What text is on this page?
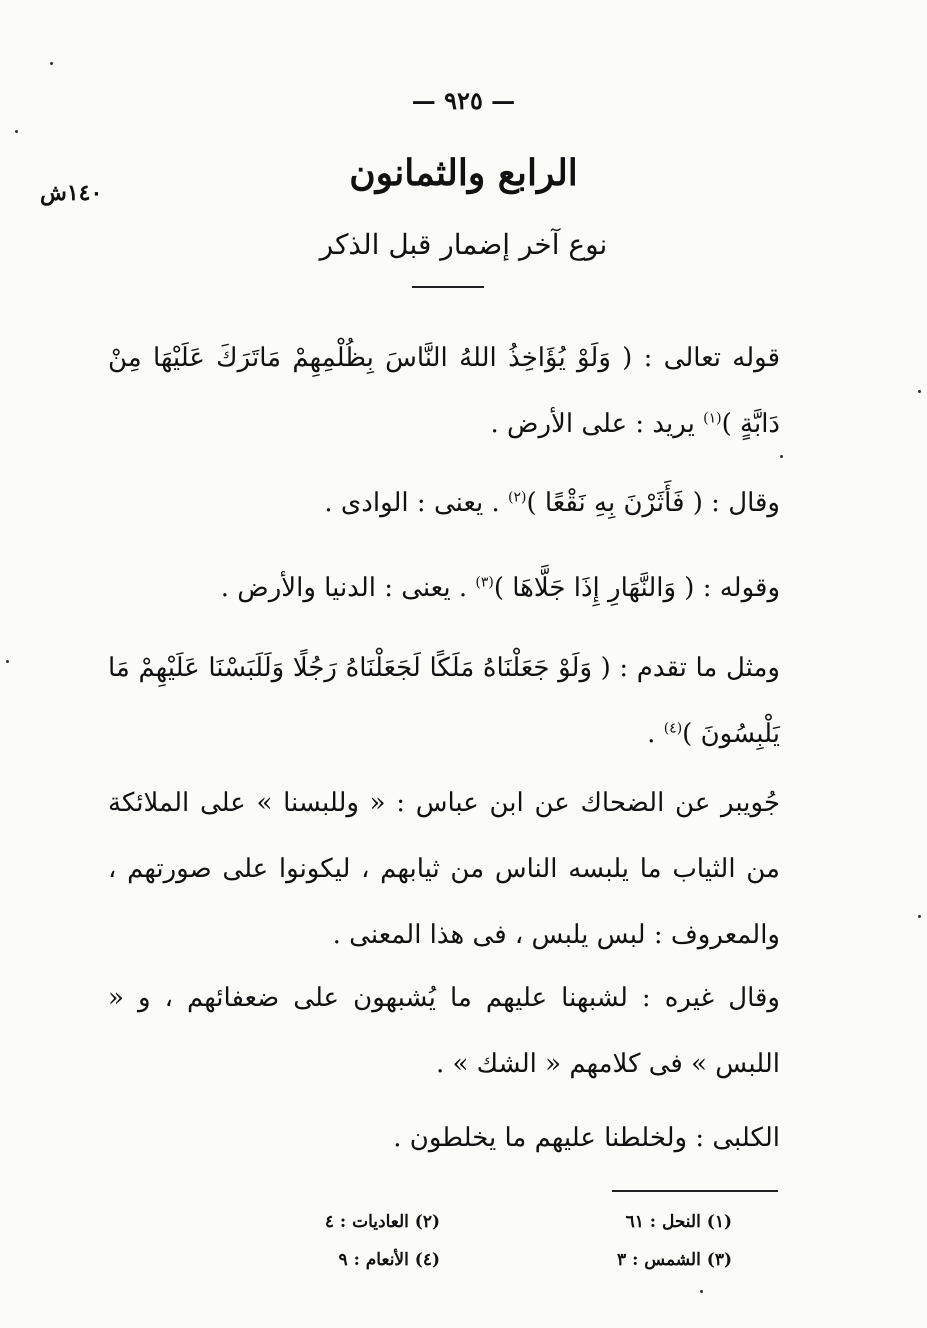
— ٩٢٥ —
١٤٠ش	الرابع والثمانون
نوع آخر إضمار قبل الذكر

قوله تعالى : ( وَلَوْ يُؤَاخِذُ اللهُ النَّاسَ بِظُلْمِهِمْ مَاتَرَكَ عَلَيْهَا مِنْ دَابَّةٍ )$^{(١)}$ يريد : على الأرض .

وقال : ( فَأَثَرْنَ بِهِ نَقْعًا )$^{(٢)}$ . يعنى : الوادى .

وقوله : ( وَالنَّهَارِ إِذَا جَلَّاهَا )$^{(٣)}$ . يعنى : الدنيا والأرض .

ومثل ما تقدم : ( وَلَوْ جَعَلْنَاهُ مَلَكًا لَجَعَلْنَاهُ رَجُلًا وَلَلَبَسْنَا عَلَيْهِمْ مَا يَلْبِسُونَ )$^{(٤)}$ .

جُويبر عن الضحاك عن ابن عباس : « وللبسنا » على الملائكة من الثياب ما يلبسه الناس من ثيابهم ، ليكونوا على صورتهم ، والمعروف : لبس يلبس ، فى هذا المعنى .

وقال غيره : لشبهنا عليهم ما يُشبهون على ضعفائهم ، و « اللبس » فى كلامهم « الشك » .

الكلبى : ولخلطنا عليهم ما يخلطون .

(١) النحل : ٦١
(٢) العاديات : ٤
(٣) الشمس : ٣
(٤) الأنعام : ٩
